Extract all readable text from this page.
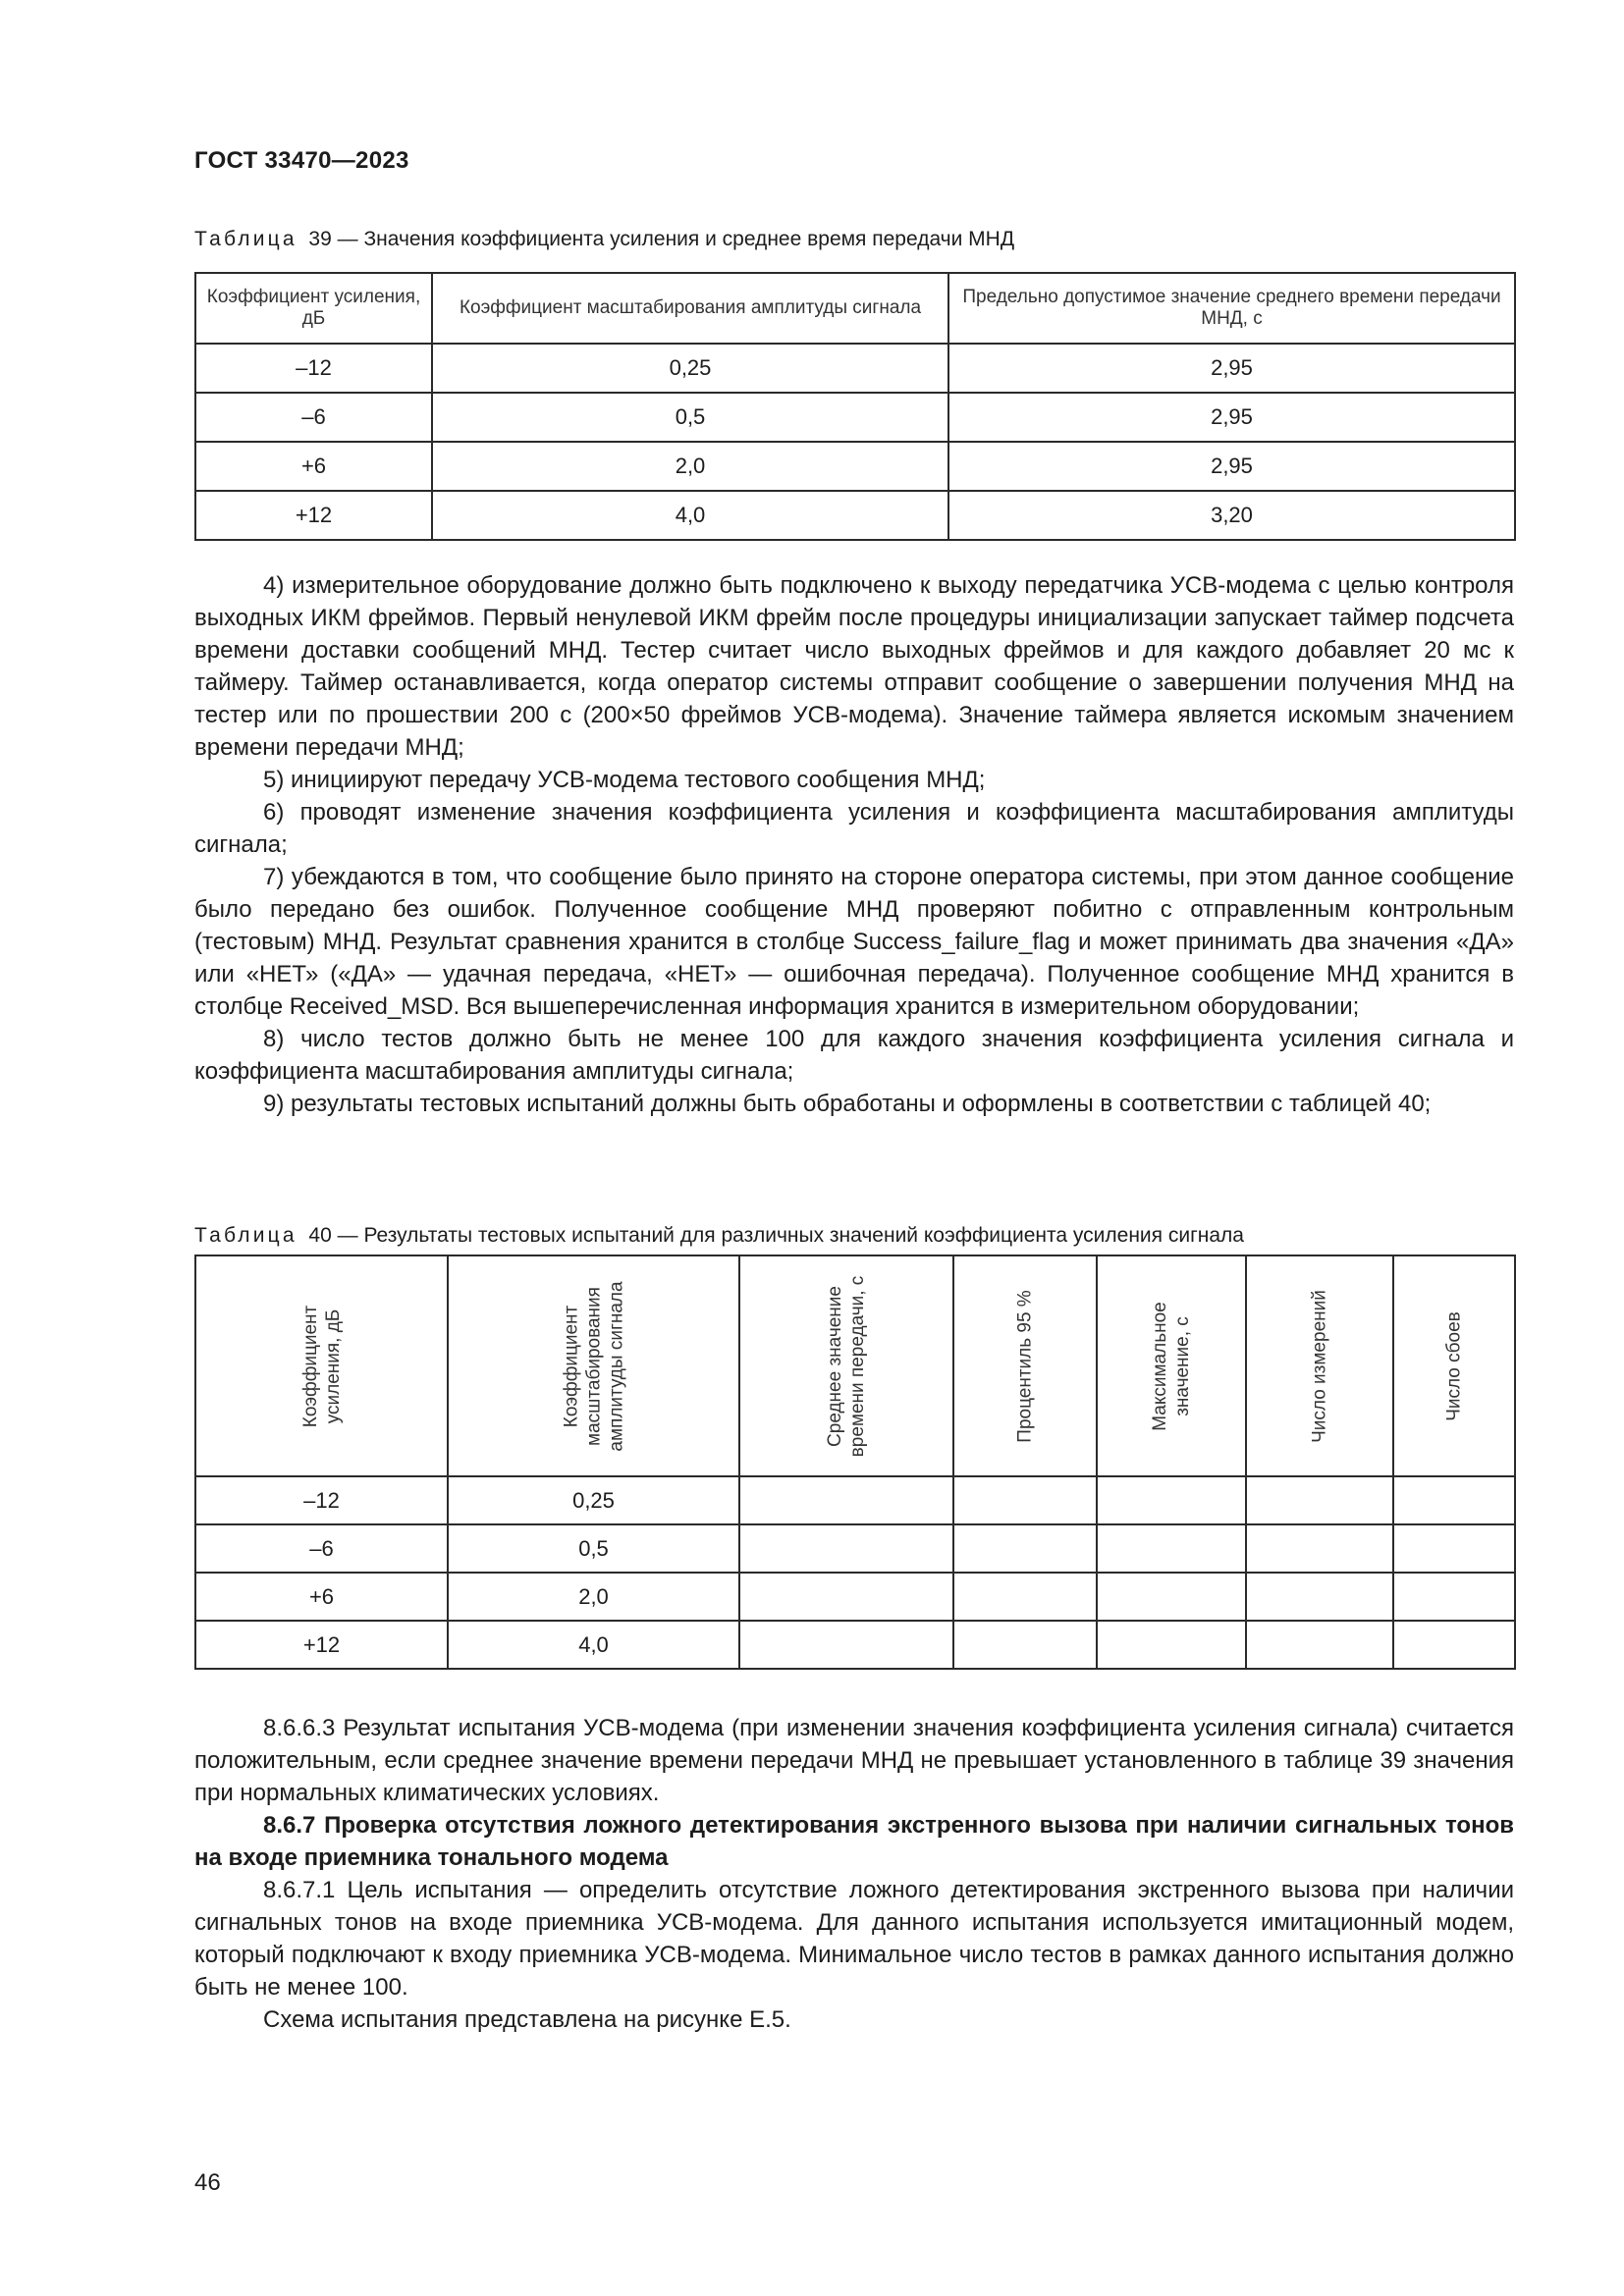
ГОСТ 33470—2023
Таблица 39 — Значения коэффициента усиления и среднее время передачи МНД
Коэффициент усиления, дБ	Коэффициент масштабирования амплитуды сигнала	Предельно допустимое значение среднего времени передачи МНД, с
–12	0,25	2,95
–6	0,5	2,95
+6	2,0	2,95
+12	4,0	3,20

4) измерительное оборудование должно быть подключено к выходу передатчика УСВ-модема с целью контроля выходных ИКМ фреймов. Первый ненулевой ИКМ фрейм после процедуры инициализации запускает таймер подсчета времени доставки сообщений МНД. Тестер считает число выходных фреймов и для каждого добавляет 20 мс к таймеру. Таймер останавливается, когда оператор системы отправит сообщение о завершении получения МНД на тестер или по прошествии 200 с (200×50 фреймов УСВ-модема). Значение таймера является искомым значением времени передачи МНД;

5) инициируют передачу УСВ-модема тестового сообщения МНД;

6) проводят изменение значения коэффициента усиления и коэффициента масштабирования амплитуды сигнала;

7) убеждаются в том, что сообщение было принято на стороне оператора системы, при этом данное сообщение было передано без ошибок. Полученное сообщение МНД проверяют побитно с отправленным контрольным (тестовым) МНД. Результат сравнения хранится в столбце Success_failure_flag и может принимать два значения «ДА» или «НЕТ» («ДА» — удачная передача, «НЕТ» — ошибочная передача). Полученное сообщение МНД хранится в столбце Received_MSD. Вся вышеперечисленная информация хранится в измерительном оборудовании;

8) число тестов должно быть не менее 100 для каждого значения коэффициента усиления сигнала и коэффициента масштабирования амплитуды сигнала;

9) результаты тестовых испытаний должны быть обработаны и оформлены в соответствии с таблицей 40;

Таблица 40 — Результаты тестовых испытаний для различных значений коэффициента усиления сигнала
Коэффициент усиления, дБ	Коэффициент масштабирования амплитуды сигнала	Среднее значение времени передачи, с	Процентиль 95 %	Максимальное значение, с	Число измерений	Число сбоев

–12	0,25					
–6	0,5					
+6	2,0					
+12	4,0					

8.6.6.3 Результат испытания УСВ-модема (при изменении значения коэффициента усиления сигнала) считается положительным, если среднее значение времени передачи МНД не превышает установленного в таблице 39 значения при нормальных климатических условиях.

8.6.7 Проверка отсутствия ложного детектирования экстренного вызова при наличии сигнальных тонов на входе приемника тонального модема

8.6.7.1 Цель испытания — определить отсутствие ложного детектирования экстренного вызова при наличии сигнальных тонов на входе приемника УСВ-модема. Для данного испытания используется имитационный модем, который подключают к входу приемника УСВ-модема. Минимальное число тестов в рамках данного испытания должно быть не менее 100.

Схема испытания представлена на рисунке Е.5.

46
